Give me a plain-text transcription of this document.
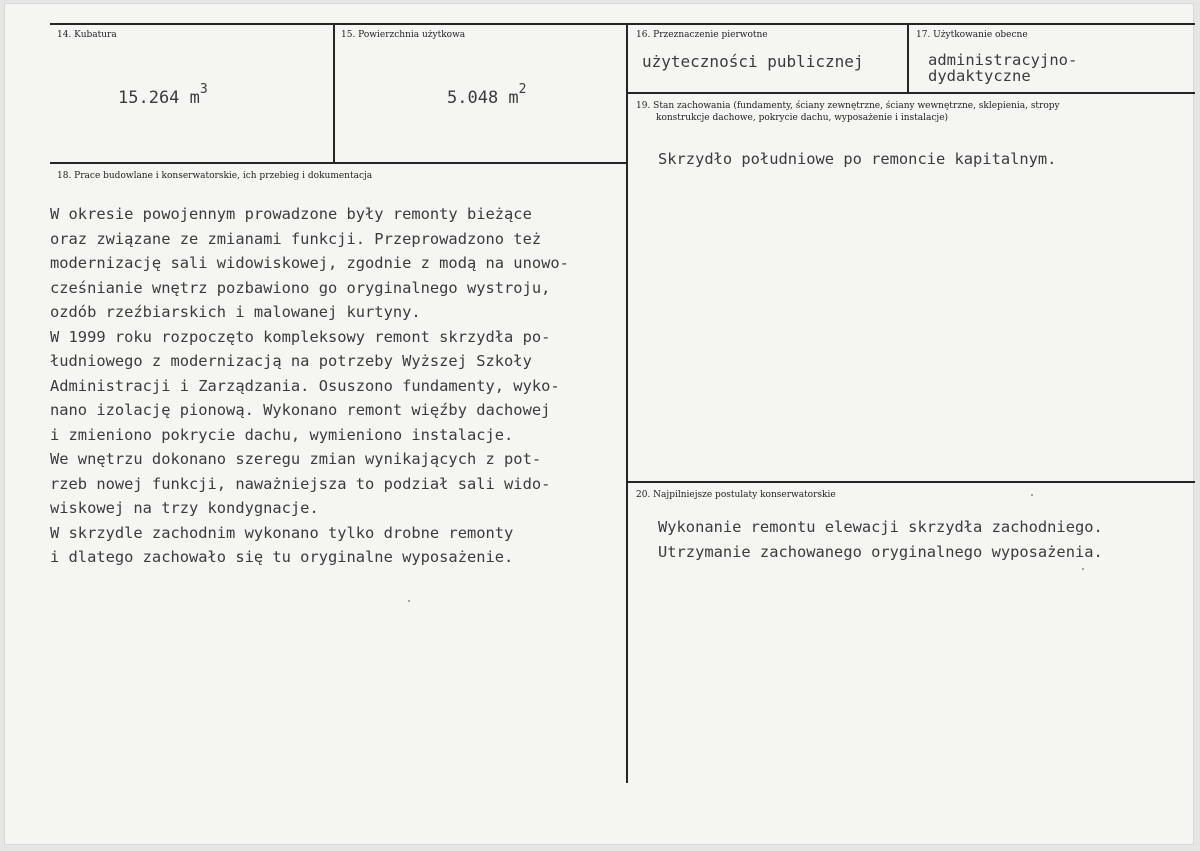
14. Kubatura
15.264 $m^3$
15. Powierzchnia użytkowa
5.048 $m^2$
16. Przeznaczenie pierwotne
użyteczności publicznej
17. Użytkowanie obecne
administracyjno-
dydaktyczne
18. Prace budowlane i konserwatorskie, ich przebieg i dokumentacja
W okresie powojennym prowadzone były remonty bieżące
oraz związane ze zmianami funkcji. Przeprowadzono też
modernizację sali widowiskowej, zgodnie z modą na unowo-
cześnianie wnętrz pozbawiono go oryginalnego wystroju,
ozdób rzeźbiarskich i malowanej kurtyny.
W 1999 roku rozpoczęto kompleksowy remont skrzydła po-
łudniowego z modernizacją na potrzeby Wyższej Szkoły
Administracji i Zarządzania. Osuszono fundamenty, wyko-
nano izolację pionową. Wykonano remont więźby dachowej
i zmieniono pokrycie dachu, wymieniono instalacje.
We wnętrzu dokonano szeregu zmian wynikających z pot-
rzeb nowej funkcji, naważniejsza to podział sali wido-
wiskowej na trzy kondygnacje.
W skrzydle zachodnim wykonano tylko drobne remonty
i dlatego zachowało się tu oryginalne wyposażenie.
19. Stan zachowania (fundamenty, ściany zewnętrzne, ściany wewnętrzne, sklepienia, stropy
konstrukcje dachowe, pokrycie dachu, wyposażenie i instalacje)
Skrzydło południowe po remoncie kapitalnym.
20. Najpilniejsze postulaty konserwatorskie
Wykonanie remontu elewacji skrzydła zachodniego.
Utrzymanie zachowanego oryginalnego wyposażenia.
